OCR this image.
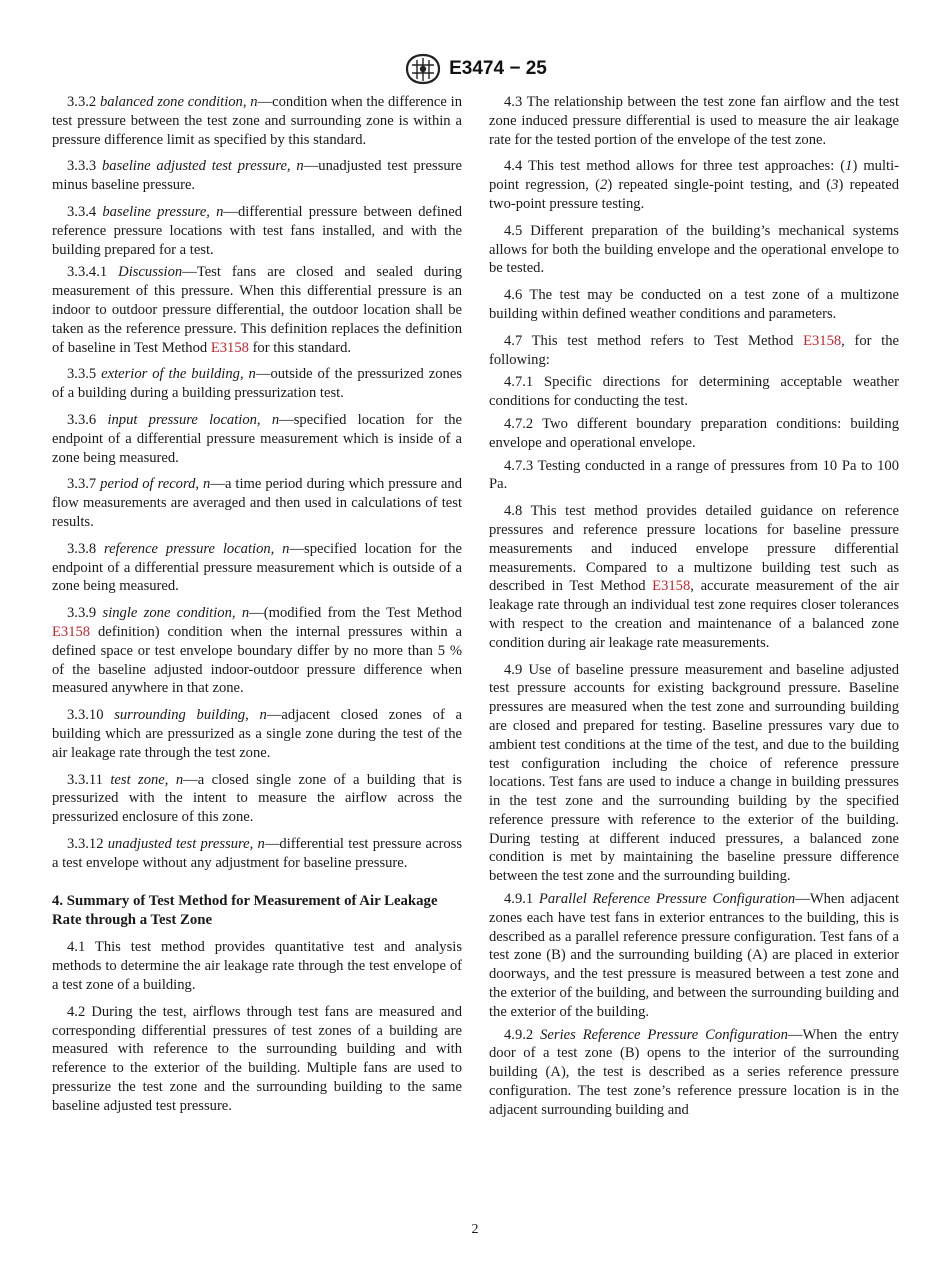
E3474 − 25

3.3.2 balanced zone condition, n—condition when the difference in test pressure between the test zone and surrounding zone is within a pressure difference limit as specified by this standard.

3.3.3 baseline adjusted test pressure, n—unadjusted test pressure minus baseline pressure.

3.3.4 baseline pressure, n—differential pressure between defined reference pressure locations with test fans installed, and with the building prepared for a test.

3.3.4.1 Discussion—Test fans are closed and sealed during measurement of this pressure. When this differential pressure is an indoor to outdoor pressure differential, the outdoor location shall be taken as the reference pressure. This definition replaces the definition of baseline in Test Method E3158 for this standard.

3.3.5 exterior of the building, n—outside of the pressurized zones of a building during a building pressurization test.

3.3.6 input pressure location, n—specified location for the endpoint of a differential pressure measurement which is inside of a zone being measured.

3.3.7 period of record, n—a time period during which pressure and flow measurements are averaged and then used in calculations of test results.

3.3.8 reference pressure location, n—specified location for the endpoint of a differential pressure measurement which is outside of a zone being measured.

3.3.9 single zone condition, n—(modified from the Test Method E3158 definition) condition when the internal pressures within a defined space or test envelope boundary differ by no more than 5 % of the baseline adjusted indoor-outdoor pressure difference when measured anywhere in that zone.

3.3.10 surrounding building, n—adjacent closed zones of a building which are pressurized as a single zone during the test of the air leakage rate through the test zone.

3.3.11 test zone, n—a closed single zone of a building that is pressurized with the intent to measure the airflow across the pressurized enclosure of this zone.

3.3.12 unadjusted test pressure, n—differential test pressure across a test envelope without any adjustment for baseline pressure.

4. Summary of Test Method for Measurement of Air Leakage Rate through a Test Zone

4.1 This test method provides quantitative test and analysis methods to determine the air leakage rate through the test envelope of a test zone of a building.

4.2 During the test, airflows through test fans are measured and corresponding differential pressures of test zones of a building are measured with reference to the surrounding building and with reference to the exterior of the building. Multiple fans are used to pressurize the test zone and the surrounding building to the same baseline adjusted test pressure.

4.3 The relationship between the test zone fan airflow and the test zone induced pressure differential is used to measure the air leakage rate for the tested portion of the envelope of the test zone.

4.4 This test method allows for three test approaches: (1) multi-point regression, (2) repeated single-point testing, and (3) repeated two-point pressure testing.

4.5 Different preparation of the building’s mechanical systems allows for both the building envelope and the operational envelope to be tested.

4.6 The test may be conducted on a test zone of a multizone building within defined weather conditions and parameters.

4.7 This test method refers to Test Method E3158, for the following:

4.7.1 Specific directions for determining acceptable weather conditions for conducting the test.

4.7.2 Two different boundary preparation conditions: building envelope and operational envelope.

4.7.3 Testing conducted in a range of pressures from 10 Pa to 100 Pa.

4.8 This test method provides detailed guidance on reference pressures and reference pressure locations for baseline pressure measurements and induced envelope pressure differential measurements. Compared to a multizone building test such as described in Test Method E3158, accurate measurement of the air leakage rate through an individual test zone requires closer tolerances with respect to the creation and maintenance of a balanced zone condition during air leakage rate measurements.

4.9 Use of baseline pressure measurement and baseline adjusted test pressure accounts for existing background pressure. Baseline pressures are measured when the test zone and surrounding building are closed and prepared for testing. Baseline pressures vary due to ambient test conditions at the time of the test, and due to the building test configuration including the choice of reference pressure locations. Test fans are used to induce a change in building pressures in the test zone and the surrounding building by the specified reference pressure with reference to the exterior of the building. During testing at different induced pressures, a balanced zone condition is met by maintaining the baseline pressure difference between the test zone and the surrounding building.

4.9.1 Parallel Reference Pressure Configuration—When adjacent zones each have test fans in exterior entrances to the building, this is described as a parallel reference pressure configuration. Test fans of a test zone (B) and the surrounding building (A) are placed in exterior doorways, and the test pressure is measured between a test zone and the exterior of the building, and between the surrounding building and the exterior of the building.

4.9.2 Series Reference Pressure Configuration—When the entry door of a test zone (B) opens to the interior of the surrounding building (A), the test is described as a series reference pressure configuration. The test zone’s reference pressure location is in the adjacent surrounding building and

2
